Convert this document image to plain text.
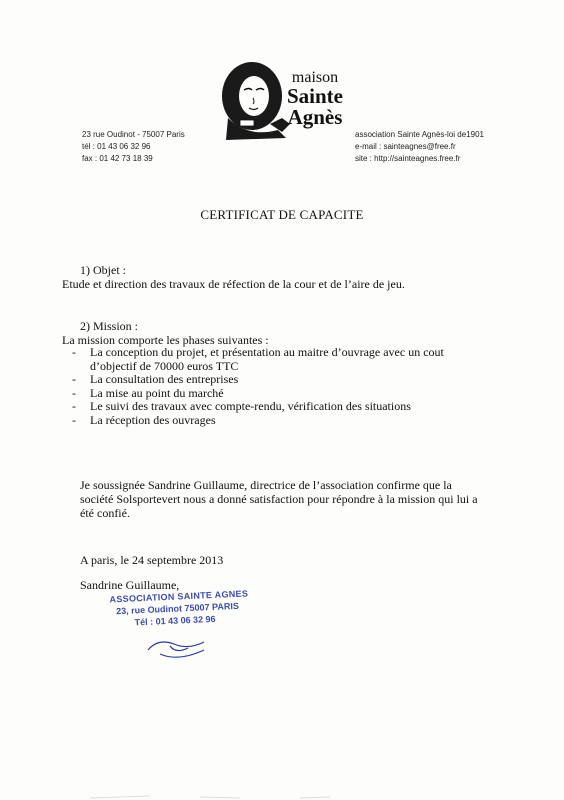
maison
Sainte
Agnès
23 rue Oudinot - 75007 Paris
tél : 01 43 06 32 96
fax : 01 42 73 18 39
association Sainte Agnès-loi de1901
e-mail : sainteagnes@free.fr
site : http://sainteagnes.free.fr
CERTIFICAT DE CAPACITE
1) Objet :
Etude et direction des travaux de réfection de la cour et de l’aire de jeu.
2) Mission :
La mission comporte les phases suivantes :
- La conception du projet, et présentation au maitre d’ouvrage avec un cout
d’objectif de 70000 euros TTC
- La consultation des entreprises
- La mise au point du marché
- Le suivi des travaux avec compte-rendu, vérification des situations
- La réception des ouvrages
Je soussignée Sandrine Guillaume, directrice de l’association confirme que la société Solsportevert nous a donné satisfaction pour répondre à la mission qui lui a été confié.
A paris, le 24 septembre 2013
Sandrine Guillaume,
ASSOCIATION SAINTE AGNES
23, rue Oudinot 75007 PARIS
Tél : 01 43 06 32 96
